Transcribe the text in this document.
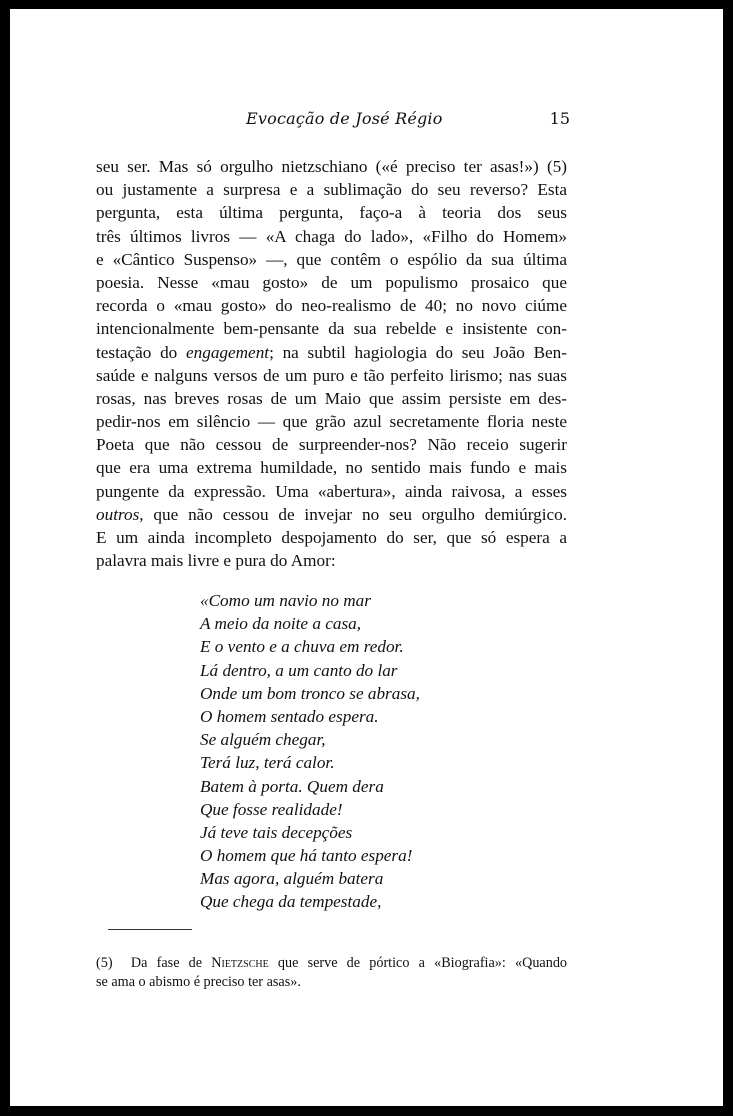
Evocação de José Régio	15
seu ser. Mas só orgulho nietzschiano («é preciso ter asas!») (5)
ou justamente a surpresa e a sublimação do seu reverso? Esta
pergunta, esta última pergunta, faço-a à teoria dos seus
três últimos livros — «A chaga do lado», «Filho do Homem»
e «Cântico Suspenso» —, que contêm o espólio da sua última
poesia. Nesse «mau gosto» de um populismo prosaico que
recorda o «mau gosto» do neo-realismo de 40; no novo ciúme
intencionalmente bem-pensante da sua rebelde e insistente con-
testação do engagement; na subtil hagiologia do seu João Ben-
saúde e nalguns versos de um puro e tão perfeito lirismo; nas suas
rosas, nas breves rosas de um Maio que assim persiste em des-
pedir-nos em silêncio — que grão azul secretamente floria neste
Poeta que não cessou de surpreender-nos? Não receio sugerir
que era uma extrema humildade, no sentido mais fundo e mais
pungente da expressão. Uma «abertura», ainda raivosa, a esses
outros, que não cessou de invejar no seu orgulho demiúrgico.
E um ainda incompleto despojamento do ser, que só espera a
palavra mais livre e pura do Amor:
«Como um navio no mar
A meio da noite a casa,
E o vento e a chuva em redor.
Lá dentro, a um canto do lar
Onde um bom tronco se abrasa,
O homem sentado espera.
Se alguém chegar,
Terá luz, terá calor.
Batem à porta. Quem dera
Que fosse realidade!
Já teve tais decepções
O homem que há tanto espera!
Mas agora, alguém batera
Que chega da tempestade,
(5) Da fase de Nietzsche que serve de pórtico a «Biografia»: «Quando
se ama o abismo é preciso ter asas».
